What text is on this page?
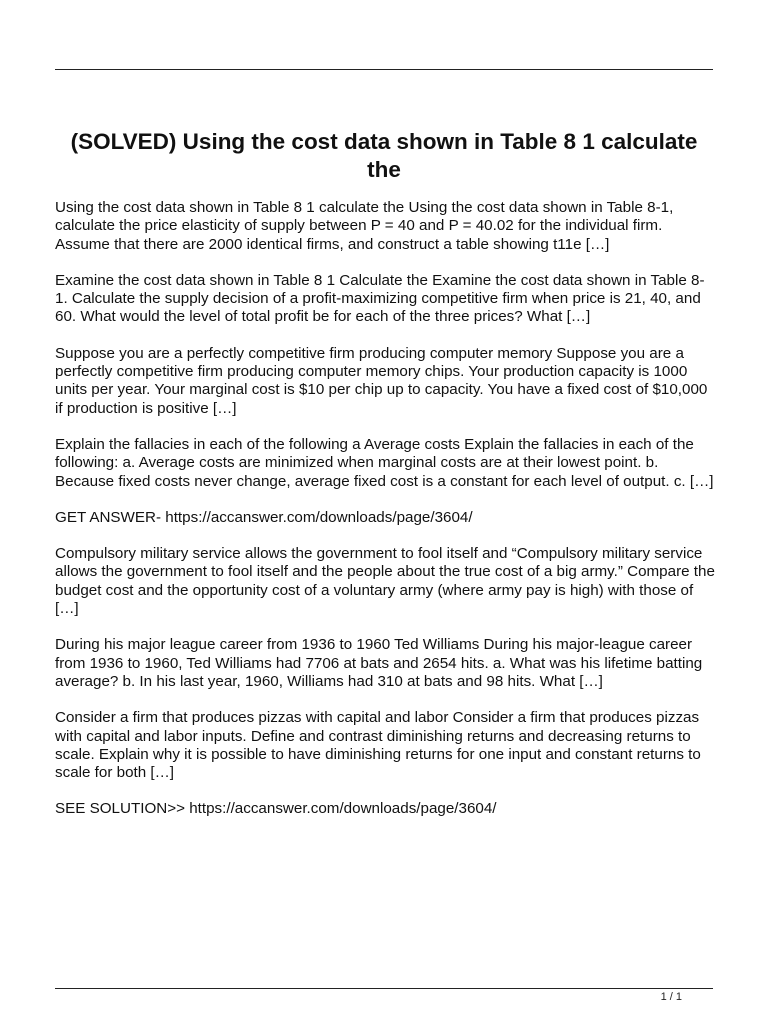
(SOLVED) Using the cost data shown in Table 8 1 calculate the

Using the cost data shown in Table 8 1 calculate the Using the cost data shown in Table 8-1, calculate the price elasticity of supply between P = 40 and P = 40.02 for the individual firm. Assume that there are 2000 identical firms, and construct a table showing t11e […]

Examine the cost data shown in Table 8 1 Calculate the Examine the cost data shown in Table 8-1. Calculate the supply decision of a profit-maximizing competitive firm when price is 21, 40, and 60. What would the level of total profit be for each of the three prices? What […]

Suppose you are a perfectly competitive firm producing computer memory Suppose you are a perfectly competitive firm producing computer memory chips. Your production capacity is 1000 units per year. Your marginal cost is $10 per chip up to capacity. You have a fixed cost of $10,000 if production is positive […]

Explain the fallacies in each of the following a Average costs Explain the fallacies in each of the following: a. Average costs are minimized when marginal costs are at their lowest point. b. Because fixed costs never change, average fixed cost is a constant for each level of output. c. […]

GET ANSWER- https://accanswer.com/downloads/page/3604/

Compulsory military service allows the government to fool itself and “Compulsory military service allows the government to fool itself and the people about the true cost of a big army.” Compare the budget cost and the opportunity cost of a voluntary army (where army pay is high) with those of […]

During his major league career from 1936 to 1960 Ted Williams During his major-league career from 1936 to 1960, Ted Williams had 7706 at bats and 2654 hits. a. What was his lifetime batting average? b. In his last year, 1960, Williams had 310 at bats and 98 hits. What […]

Consider a firm that produces pizzas with capital and labor Consider a firm that produces pizzas with capital and labor inputs. Define and contrast diminishing returns and decreasing returns to scale. Explain why it is possible to have diminishing returns for one input and constant returns to scale for both […]

SEE SOLUTION>> https://accanswer.com/downloads/page/3604/

1 / 1
